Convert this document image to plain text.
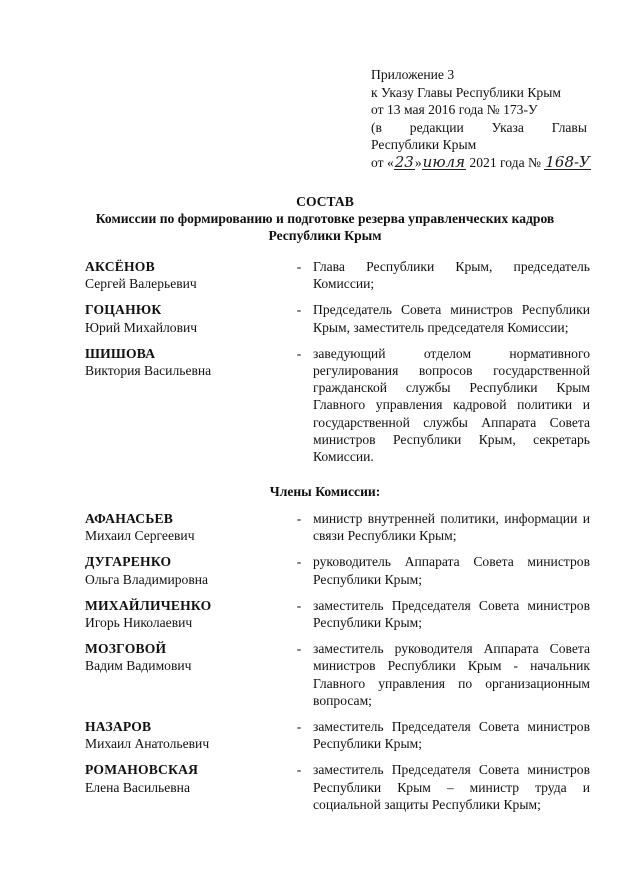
Приложение 3
к Указу Главы Республики Крым
от 13 мая 2016 года № 173-У
(в редакции Указа Главы
Республики Крым
от «23»июля 2021 года № 168-У
СОСТАВ
Комиссии по формированию и подготовке резерва управленческих кадров
Республики Крым
АКСЁНОВ
Сергей Валерьевич
- Глава Республики Крым, председатель Комиссии;
ГОЦАНЮК
Юрий Михайлович
- Председатель Совета министров Республики Крым, заместитель председателя Комиссии;
ШИШОВА
Виктория Васильевна
- заведующий отделом нормативного регулирования вопросов государственной гражданской службы Республики Крым Главного управления кадровой политики и государственной службы Аппарата Совета министров Республики Крым, секретарь Комиссии.
Члены Комиссии:
АФАНАСЬЕВ
Михаил Сергеевич
- министр внутренней политики, информации и связи Республики Крым;
ДУГАРЕНКО
Ольга Владимировна
- руководитель Аппарата Совета министров Республики Крым;
МИХАЙЛИЧЕНКО
Игорь Николаевич
- заместитель Председателя Совета министров Республики Крым;
МОЗГОВОЙ
Вадим Вадимович
- заместитель руководителя Аппарата Совета министров Республики Крым - начальник Главного управления по организационным вопросам;
НАЗАРОВ
Михаил Анатольевич
- заместитель Председателя Совета министров Республики Крым;
РОМАНОВСКАЯ
Елена Васильевна
- заместитель Председателя Совета министров Республики Крым – министр труда и социальной защиты Республики Крым;
